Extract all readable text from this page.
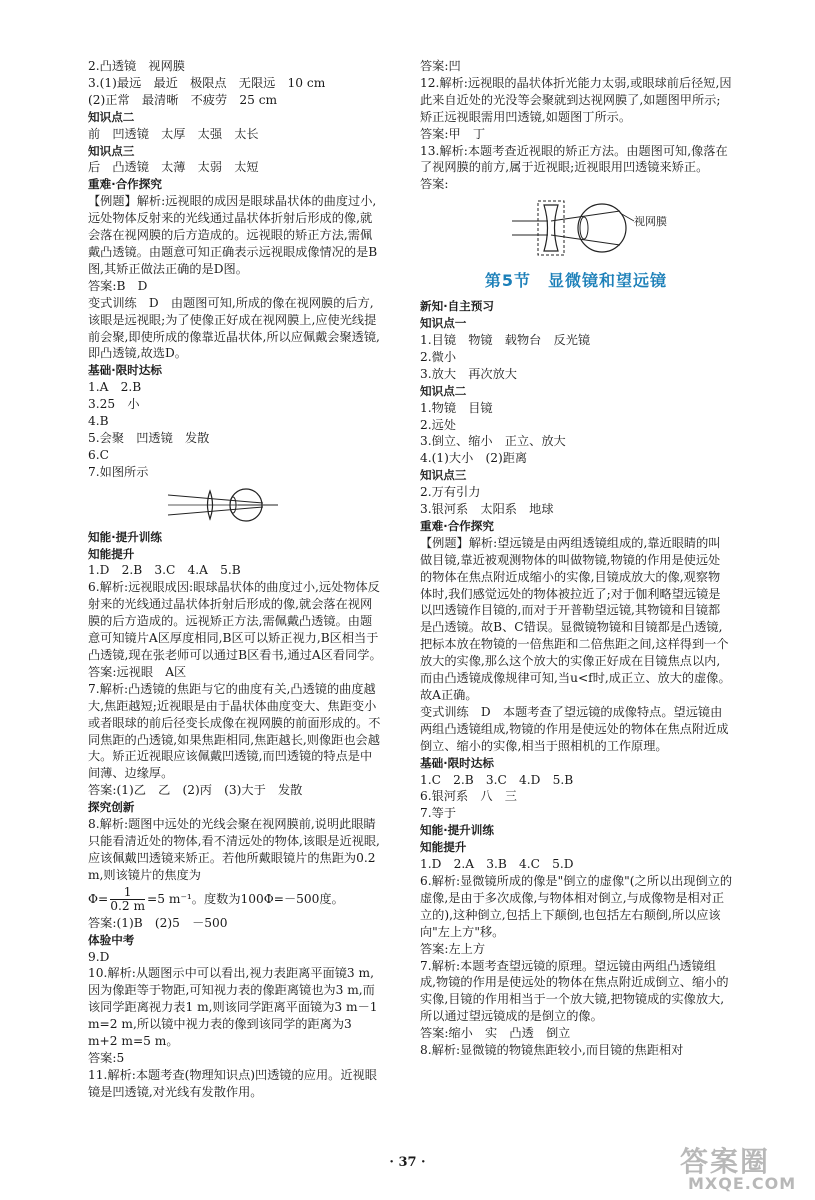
2.凸透镜　视网膜
3.(1)最远　最近　极限点　无限远　10 cm
(2)正常　最清晰　不疲劳　25 cm
知识点二
前　凹透镜　太厚　太强　太长
知识点三
后　凸透镜　太薄　太弱　太短
重难·合作探究
【例题】解析:远视眼的成因是眼球晶状体的曲度过小,远处物体反射来的光线通过晶状体折射后形成的像,就会落在视网膜的后方造成的。远视眼的矫正方法,需佩戴凸透镜。由题意可知正确表示远视眼成像情况的是B图,其矫正做法正确的是D图。
答案:B　D
变式训练　D　由题图可知,所成的像在视网膜的后方,该眼是远视眼;为了使像正好成在视网膜上,应使光线提前会聚,即使所成的像靠近晶状体,所以应佩戴会聚透镜,即凸透镜,故选D。
基础·限时达标
1.A　2.B
3.25　小
4.B
5.会聚　凹透镜　发散
6.C
7.如图所示
知能·提升训练
知能提升
1.D　2.B　3.C　4.A　5.B
6.解析:远视眼成因:眼球晶状体的曲度过小,远处物体反射来的光线通过晶状体折射后形成的像,就会落在视网膜的后方造成的。远视矫正方法,需佩戴凸透镜。由题意可知镜片A区厚度相同,B区可以矫正视力,B区相当于凸透镜,现在张老师可以通过B区看书,通过A区看同学。
答案:远视眼　A区
7.解析:凸透镜的焦距与它的曲度有关,凸透镜的曲度越大,焦距越短;近视眼是由于晶状体曲度变大、焦距变小或者眼球的前后径变长成像在视网膜的前面形成的。不同焦距的凸透镜,如果焦距相同,焦距越长,则像距也会越大。矫正近视眼应该佩戴凹透镜,而凹透镜的特点是中间薄、边缘厚。
答案:(1)乙　乙　(2)丙　(3)大于　发散
探究创新
8.解析:题图中远处的光线会聚在视网膜前,说明此眼睛只能看清近处的物体,看不清远处的物体,该眼是近视眼,应该佩戴凹透镜来矫正。若他所戴眼镜片的焦距为0.2 m,则该镜片的焦度为
$\Phi= \frac{1}{0.2 m} =5$ m⁻¹。度数为100Φ=－500度。
答案:(1)B　(2)5　－500
体验中考
9.D
10.解析:从题图示中可以看出,视力表距离平面镜3 m,因为像距等于物距,可知视力表的像距离镜也为3 m,而该同学距离视力表1 m,则该同学距离平面镜为3 m－1 m=2 m,所以镜中视力表的像到该同学的距离为3 m+2 m=5 m。
答案:5
11.解析:本题考查(物理知识点)凹透镜的应用。近视眼镜是凹透镜,对光线有发散作用。
答案:凹
12.解析:远视眼的晶状体折光能力太弱,或眼球前后径短,因此来自近处的光没等会聚就到达视网膜了,如题图甲所示;矫正远视眼需用凹透镜,如题图丁所示。
答案:甲　丁
13.解析:本题考查近视眼的矫正方法。由题图可知,像落在了视网膜的前方,属于近视眼;近视眼用凹透镜来矫正。
答案:
视网膜
第5节　显微镜和望远镜
新知·自主预习
知识点一
1.目镜　物镜　载物台　反光镜
2.微小
3.放大　再次放大
知识点二
1.物镜　目镜
2.远处
3.倒立、缩小　正立、放大
4.(1)大小　(2)距离
知识点三
2.万有引力
3.银河系　太阳系　地球
重难·合作探究
【例题】解析:望远镜是由两组透镜组成的,靠近眼睛的叫做目镜,靠近被观测物体的叫做物镜,物镜的作用是使远处的物体在焦点附近成缩小的实像,目镜成放大的像,观察物体时,我们感觉远处的物体被拉近了;对于伽利略望远镜是以凹透镜作目镜的,而对于开普勒望远镜,其物镜和目镜都是凸透镜。故B、C错误。显微镜物镜和目镜都是凸透镜,把标本放在物镜的一倍焦距和二倍焦距之间,这样得到一个放大的实像,那么这个放大的实像正好成在目镜焦点以内,而由凸透镜成像规律可知,当u<f时,成正立、放大的虚像。故A正确。
变式训练　D　本题考查了望远镜的成像特点。望远镜由两组凸透镜组成,物镜的作用是使远处的物体在焦点附近成倒立、缩小的实像,相当于照相机的工作原理。
基础·限时达标
1.C　2.B　3.C　4.D　5.B
6.银河系　八　三
7.等于
知能·提升训练
知能提升
1.D　2.A　3.B　4.C　5.D
6.解析:显微镜所成的像是"倒立的虚像"(之所以出现倒立的虚像,是由于多次成像,与物体相对倒立,与成像物是相对正立的),这种倒立,包括上下颠倒,也包括左右颠倒,所以应该向"左上方"移。
答案:左上方
7.解析:本题考查望远镜的原理。望远镜由两组凸透镜组成,物镜的作用是使远处的物体在焦点附近成倒立、缩小的实像,目镜的作用相当于一个放大镜,把物镜成的实像放大,所以通过望远镜成的是倒立的像。
答案:缩小　实　凸透　倒立
8.解析:显微镜的物镜焦距较小,而目镜的焦距相对
· 37 ·	答案圈
MXQE.COM
